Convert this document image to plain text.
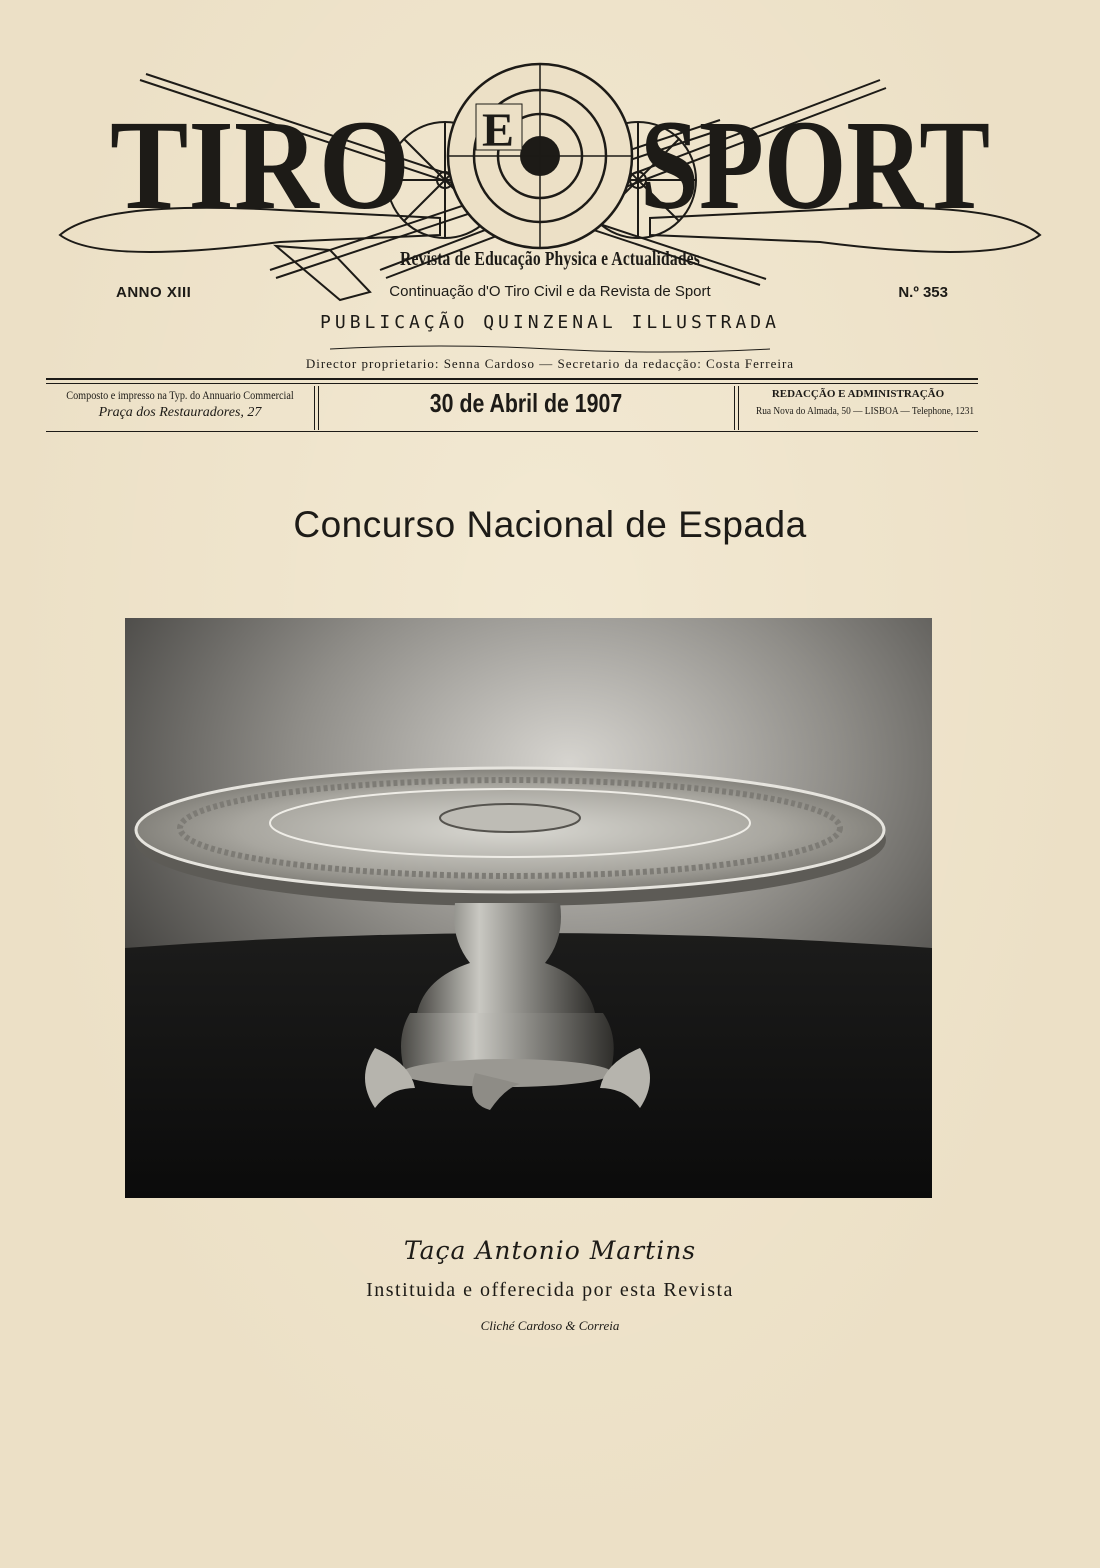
TIRO E SPORT
Revista de Educação Physica e Actualidades
ANNO XIII	Continuação d'O Tiro Civil e da Revista de Sport	N.º 353
PUBLICAÇÃO QUINZENAL ILLUSTRADA
Director proprietario: Senna Cardoso — Secretario da redacção: Costa Ferreira
Composto e impresso na Typ. do Annuario Commercial
Praça dos Restauradores, 27	30 de Abril de 1907	REDACÇÃO E ADMINISTRAÇÃO
Rua Nova do Almada, 50 — LISBOA — Telephone, 1231
Concurso Nacional de Espada
Taça Antonio Martins
Instituida e offerecida por esta Revista
Cliché Cardoso & Correia
